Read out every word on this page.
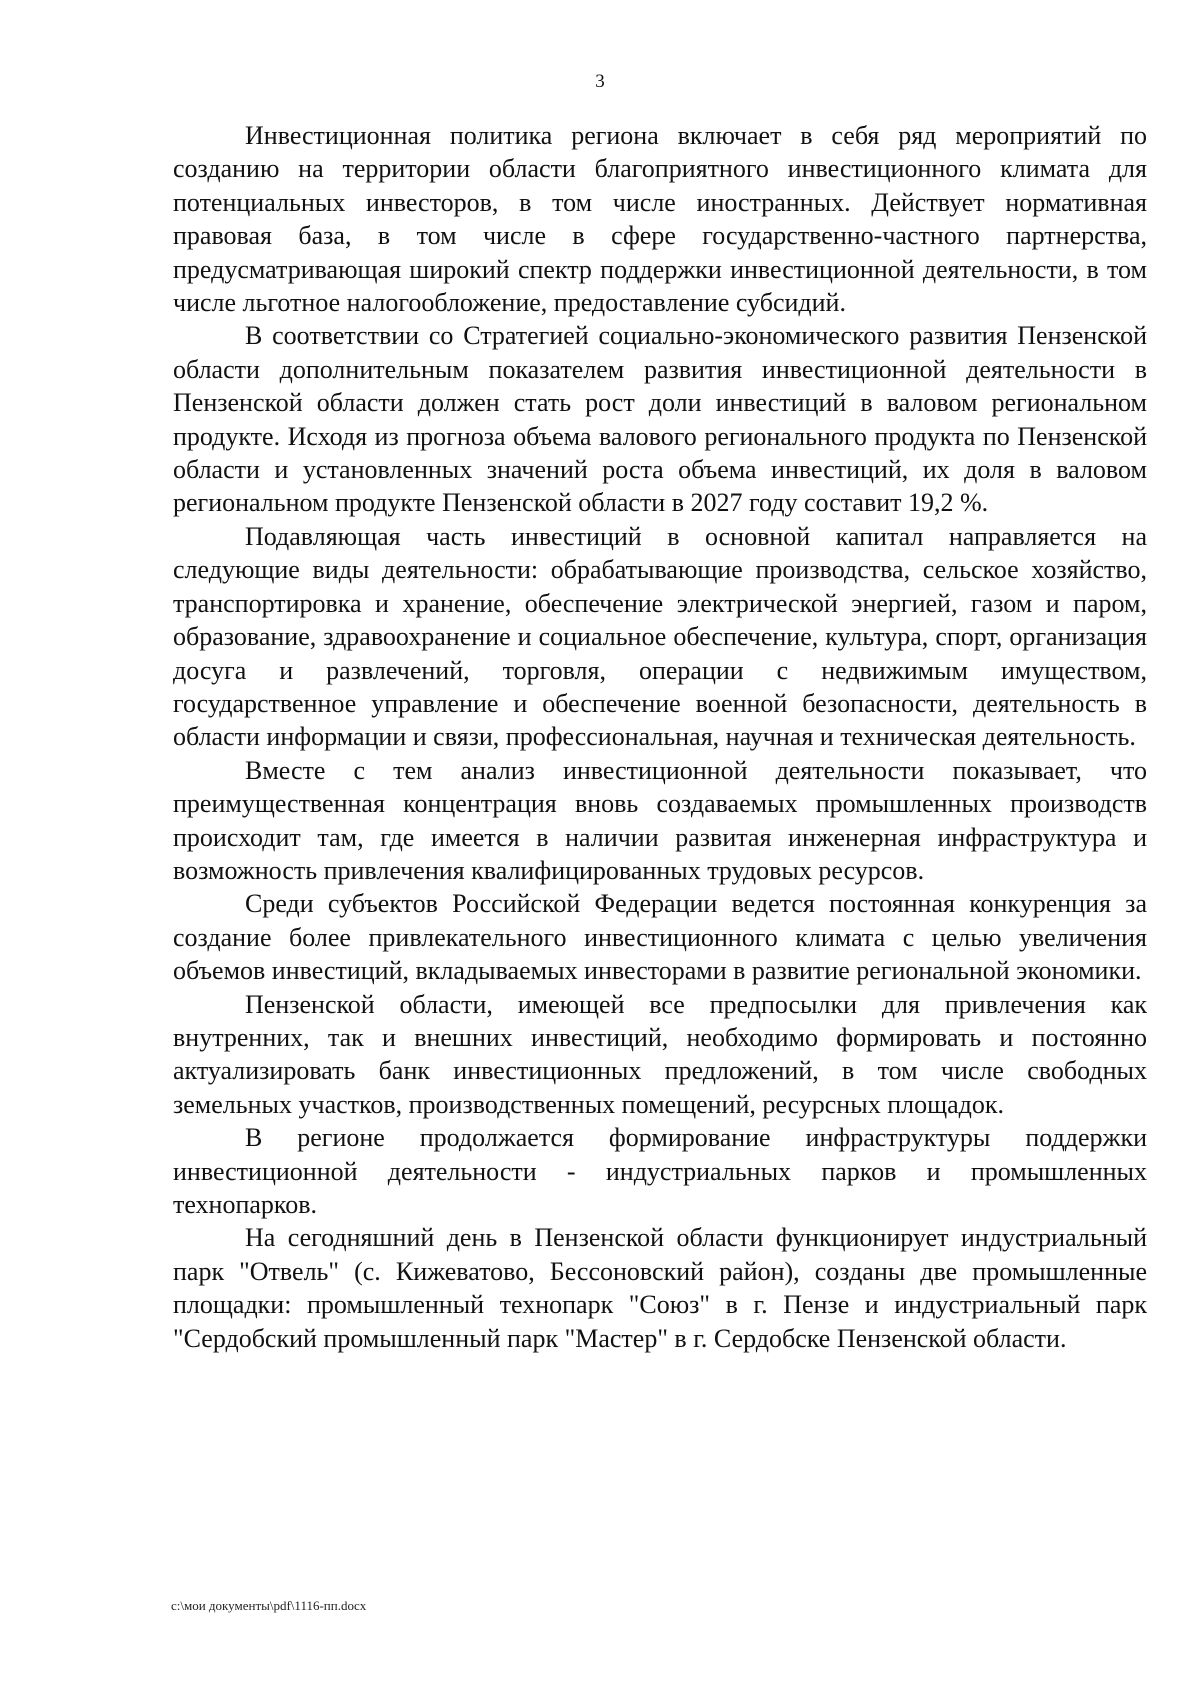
3

Инвестиционная политика региона включает в себя ряд мероприятий по созданию на территории области благоприятного инвестиционного климата для потенциальных инвесторов, в том числе иностранных. Действует нормативная правовая база, в том числе в сфере государственно-частного партнерства, предусматривающая широкий спектр поддержки инвестиционной деятельности, в том числе льготное налогообложение, предоставление субсидий.

В соответствии со Стратегией социально-экономического развития Пензенской области дополнительным показателем развития инвестиционной деятельности в Пензенской области должен стать рост доли инвестиций в валовом региональном продукте. Исходя из прогноза объема валового регионального продукта по Пензенской области и установленных значений роста объема инвестиций, их доля в валовом региональном продукте Пензенской области в 2027 году составит 19,2 %.

Подавляющая часть инвестиций в основной капитал направляется на следующие виды деятельности: обрабатывающие производства, сельское хозяйство, транспортировка и хранение, обеспечение электрической энергией, газом и паром, образование, здравоохранение и социальное обеспечение, культура, спорт, организация досуга и развлечений, торговля, операции с недвижимым имуществом, государственное управление и обеспечение военной безопасности, деятельность в области информации и связи, профессиональная, научная и техническая деятельность.

Вместе с тем анализ инвестиционной деятельности показывает, что преимущественная концентрация вновь создаваемых промышленных производств происходит там, где имеется в наличии развитая инженерная инфраструктура и возможность привлечения квалифицированных трудовых ресурсов.

Среди субъектов Российской Федерации ведется постоянная конкуренция за создание более привлекательного инвестиционного климата с целью увеличения объемов инвестиций, вкладываемых инвесторами в развитие региональной экономики.

Пензенской области, имеющей все предпосылки для привлечения как внутренних, так и внешних инвестиций, необходимо формировать и постоянно актуализировать банк инвестиционных предложений, в том числе свободных земельных участков, производственных помещений, ресурсных площадок.

В регионе продолжается формирование инфраструктуры поддержки инвестиционной деятельности - индустриальных парков и промышленных технопарков.

На сегодняшний день в Пензенской области функционирует индустриальный парк "Отвель" (с. Кижеватово, Бессоновский район), созданы две промышленные площадки: промышленный технопарк "Союз" в г. Пензе и индустриальный парк "Сердобский промышленный парк "Мастер" в г. Сердобске Пензенской области.

c:\мои документы\pdf\1116-пп.docx
